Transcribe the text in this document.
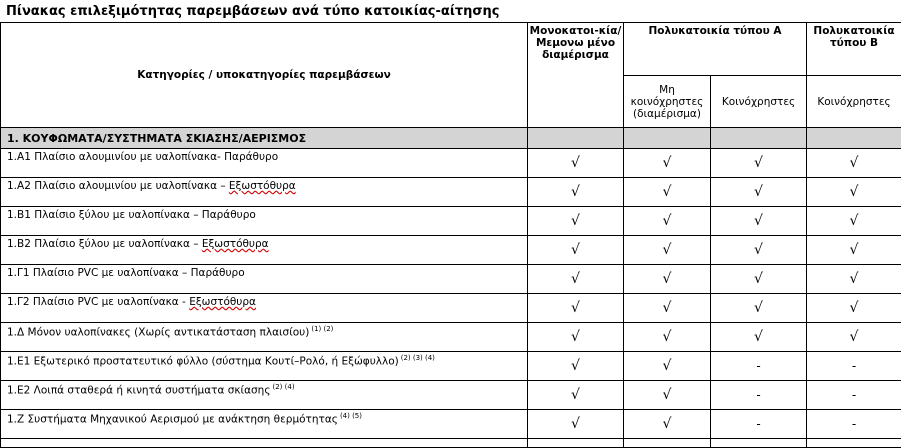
Πίνακας επιλεξιμότητας παρεμβάσεων ανά τύπο κατοικίας-αίτησης
Κατηγορίες / υποκατηγορίες παρεμβάσεων	Μονοκατοι-κία/Μεμονω μένο διαμέρισμα	Πολυκατοικία τύπου Α		Πολυκατοικία τύπου Β
		Μη κοινόχρηστες (διαμέρισμα)	Κοινόχρηστες	Κοινόχρηστες
1. ΚΟΥΦΩΜΑΤΑ/ΣΥΣΤΗΜΑΤΑ ΣΚΙΑΣΗΣ/ΑΕΡΙΣΜΟΣ				
1.Α1 Πλαίσιο αλουμινίου με υαλοπίνακα- Παράθυρο	√	√	√	√
1.Α2 Πλαίσιο αλουμινίου με υαλοπίνακα – Εξωστόθυρα	√	√	√	√
1.Β1 Πλαίσιο ξύλου με υαλοπίνακα – Παράθυρο	√	√	√	√
1.Β2 Πλαίσιο ξύλου με υαλοπίνακα – Εξωστόθυρα	√	√	√	√
1.Γ1 Πλαίσιο PVC με υαλοπίνακα – Παράθυρο	√	√	√	√
1.Γ2 Πλαίσιο PVC με υαλοπίνακα - Εξωστόθυρα	√	√	√	√
1.Δ Μόνον υαλοπίνακες (Χωρίς αντικατάσταση πλαισίου) $^{(1) (2)}$	√	√	√	√
1.Ε1 Εξωτερικό προστατευτικό φύλλο (σύστημα Κουτί–Ρολό, ή Εξώφυλλο) $^{(2) (3) (4)}$	√	√	-	-
1.Ε2 Λοιπά σταθερά ή κινητά συστήματα σκίασης $^{(2) (4)}$	√	√	-	-
1.Ζ Συστήματα Μηχανικού Αερισμού με ανάκτηση θερμότητας $^{(4) (5)}$	√	√	-	-
